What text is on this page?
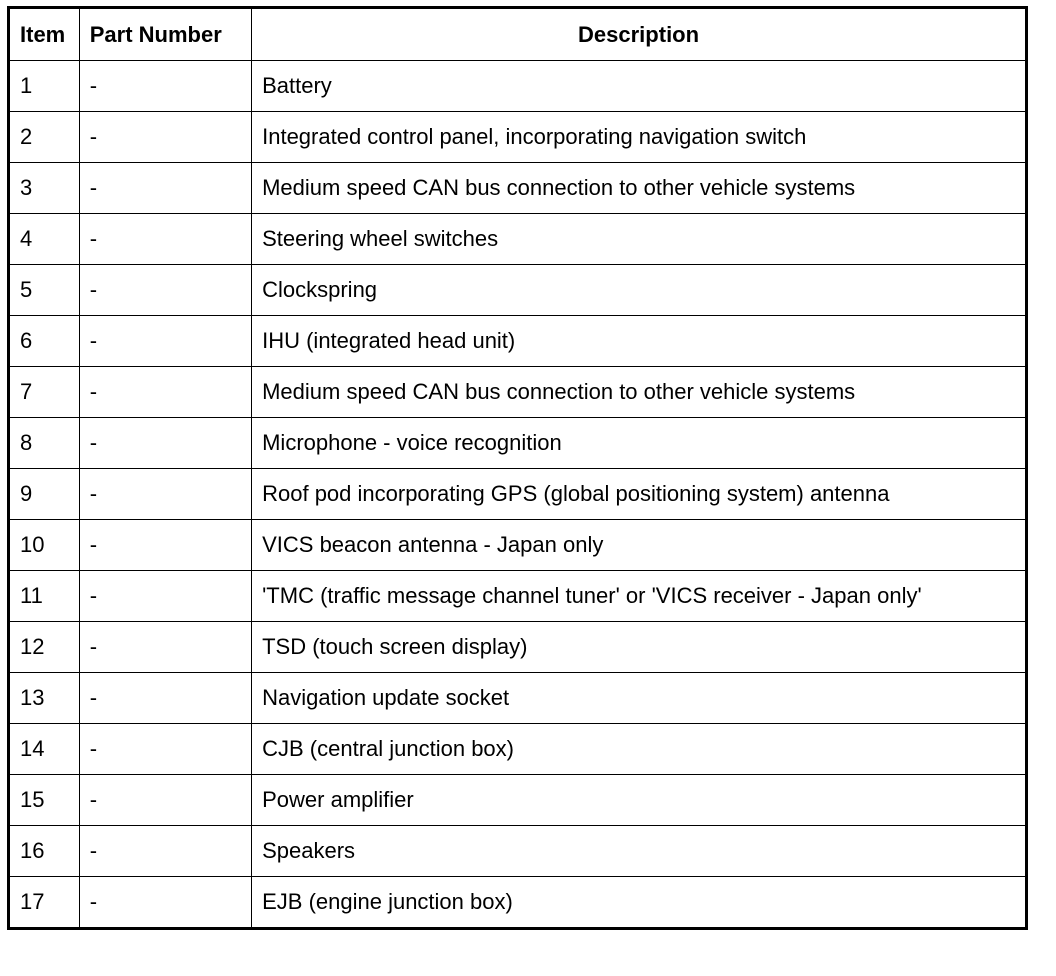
Item	Part Number	Description
1	-	Battery
2	-	Integrated control panel, incorporating navigation switch
3	-	Medium speed CAN bus connection to other vehicle systems
4	-	Steering wheel switches
5	-	Clockspring
6	-	IHU (integrated head unit)
7	-	Medium speed CAN bus connection to other vehicle systems
8	-	Microphone - voice recognition
9	-	Roof pod incorporating GPS (global positioning system) antenna
10	-	VICS beacon antenna - Japan only
11	-	'TMC (traffic message channel tuner' or 'VICS receiver - Japan only'
12	-	TSD (touch screen display)
13	-	Navigation update socket
14	-	CJB (central junction box)
15	-	Power amplifier
16	-	Speakers
17	-	EJB (engine junction box)
